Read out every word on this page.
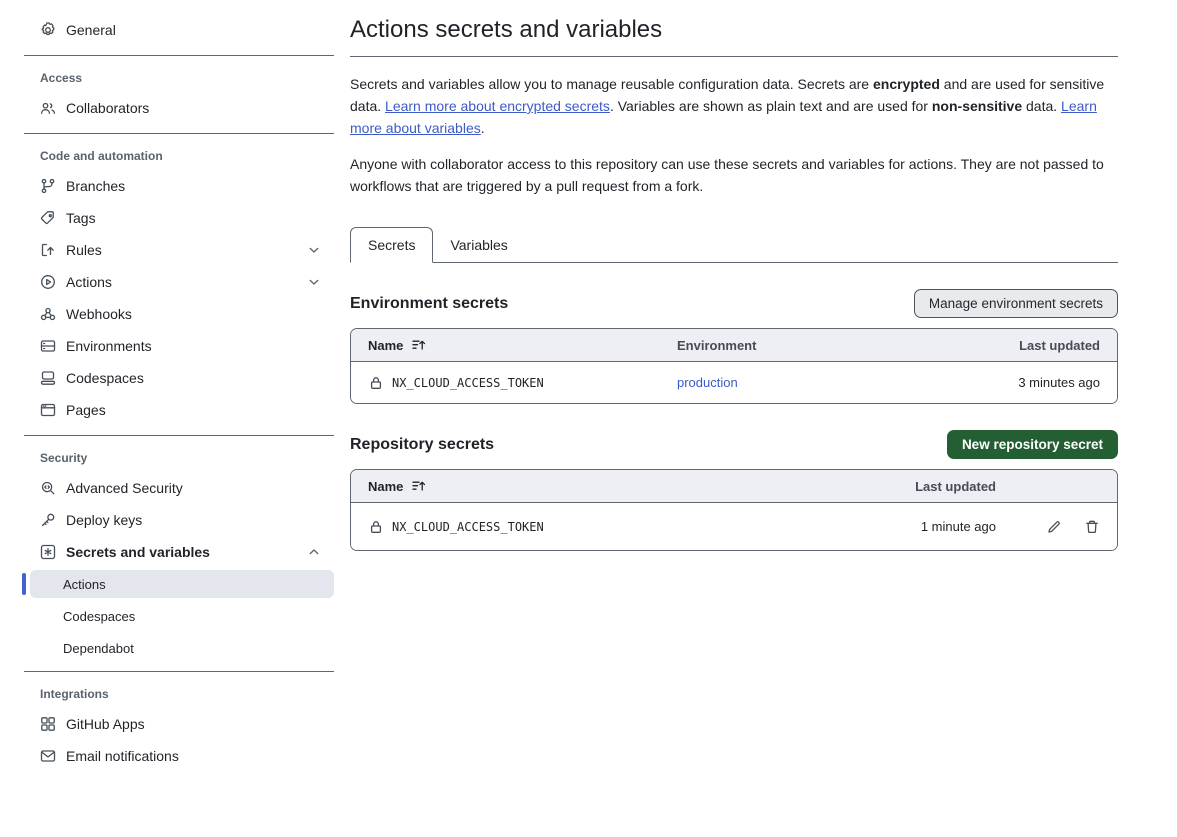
General
Access
Collaborators
Code and automation
Branches
Tags
Rules
Actions
Webhooks
Environments
Codespaces
Pages
Security
Advanced Security
Deploy keys
Secrets and variables
Actions
Codespaces
Dependabot
Integrations
GitHub Apps
Email notifications
Actions secrets and variables

Secrets and variables allow you to manage reusable configuration data. Secrets are encrypted and are used for sensitive data. Learn more about encrypted secrets. Variables are shown as plain text and are used for non-sensitive data. Learn more about variables.

Anyone with collaborator access to this repository can use these secrets and variables for actions. They are not passed to workflows that are triggered by a pull request from a fork.

Secrets	Variables
Environment secrets	Manage environment secrets
Name	Environment	Last updated
NX_CLOUD_ACCESS_TOKEN	production	3 minutes ago
Repository secrets	New repository secret
Name	Last updated
NX_CLOUD_ACCESS_TOKEN	1 minute ago
